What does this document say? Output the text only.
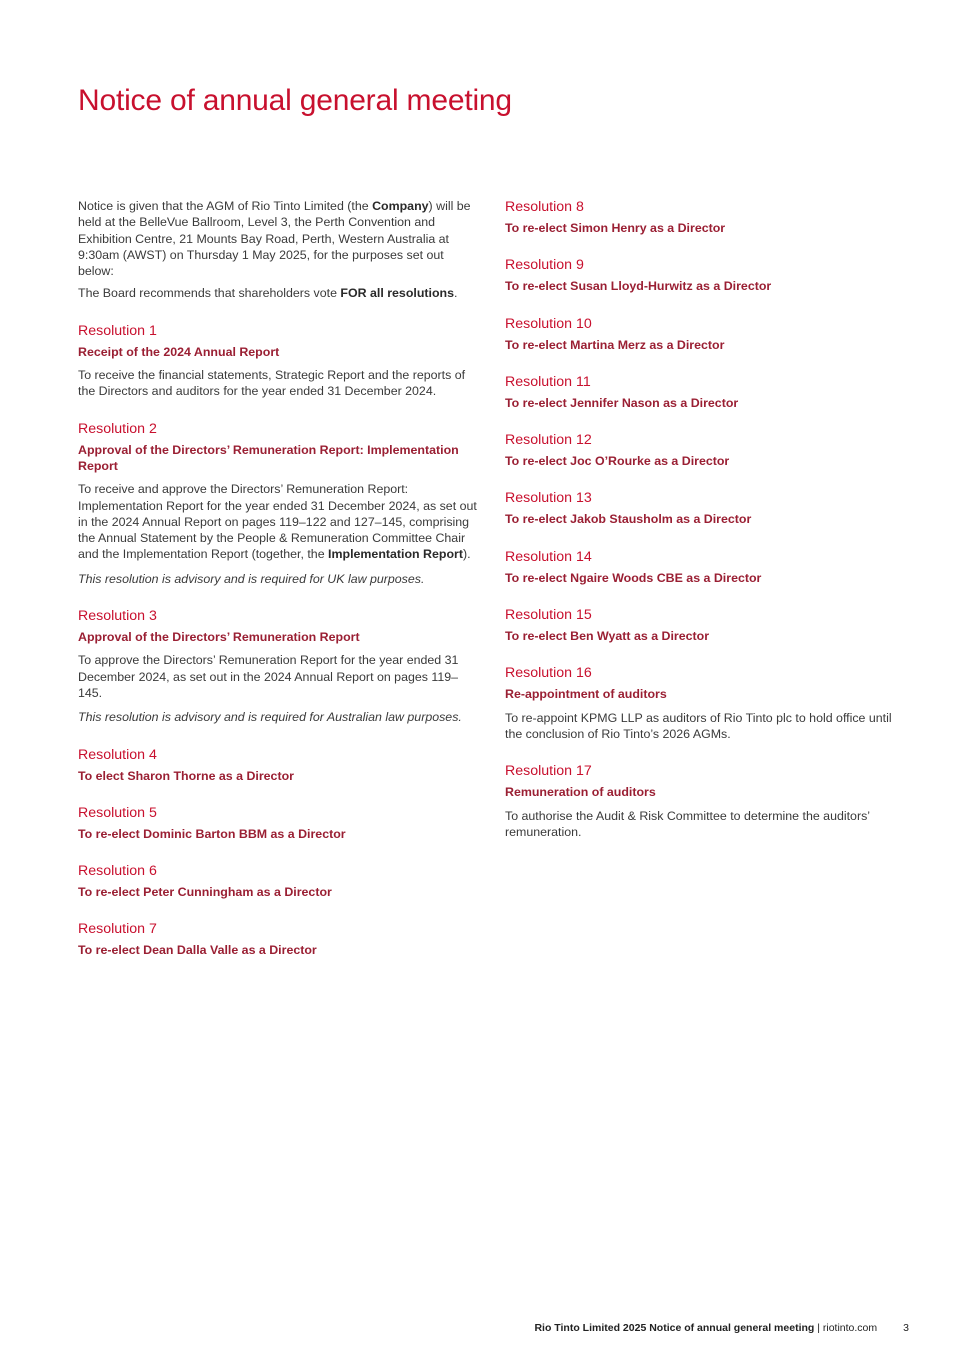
Notice of annual general meeting

Notice is given that the AGM of Rio Tinto Limited (the Company) will be held at the BelleVue Ballroom, Level 3, the Perth Convention and Exhibition Centre, 21 Mounts Bay Road, Perth, Western Australia at 9:30am (AWST) on Thursday 1 May 2025, for the purposes set out below:

The Board recommends that shareholders vote FOR all resolutions.

Resolution 1
Receipt of the 2024 Annual Report

To receive the financial statements, Strategic Report and the reports of the Directors and auditors for the year ended 31 December 2024.

Resolution 2
Approval of the Directors’ Remuneration Report: Implementation Report

To receive and approve the Directors’ Remuneration Report: Implementation Report for the year ended 31 December 2024, as set out in the 2024 Annual Report on pages 119–122 and 127–145, comprising the Annual Statement by the People & Remuneration Committee Chair and the Implementation Report (together, the Implementation Report).

This resolution is advisory and is required for UK law purposes.

Resolution 3
Approval of the Directors’ Remuneration Report

To approve the Directors’ Remuneration Report for the year ended 31 December 2024, as set out in the 2024 Annual Report on pages 119–145.

This resolution is advisory and is required for Australian law purposes.

Resolution 4
To elect Sharon Thorne as a Director
Resolution 5
To re-elect Dominic Barton BBM as a Director
Resolution 6
To re-elect Peter Cunningham as a Director
Resolution 7
To re-elect Dean Dalla Valle as a Director
Resolution 8
To re-elect Simon Henry as a Director
Resolution 9
To re-elect Susan Lloyd-Hurwitz as a Director
Resolution 10
To re-elect Martina Merz as a Director
Resolution 11
To re-elect Jennifer Nason as a Director
Resolution 12
To re-elect Joc O’Rourke as a Director
Resolution 13
To re-elect Jakob Stausholm as a Director
Resolution 14
To re-elect Ngaire Woods CBE as a Director
Resolution 15
To re-elect Ben Wyatt as a Director
Resolution 16
Re-appointment of auditors

To re-appoint KPMG LLP as auditors of Rio Tinto plc to hold office until the conclusion of Rio Tinto’s 2026 AGMs.

Resolution 17
Remuneration of auditors

To authorise the Audit & Risk Committee to determine the auditors’ remuneration.

Rio Tinto Limited 2025 Notice of annual general meeting | riotinto.com 3
